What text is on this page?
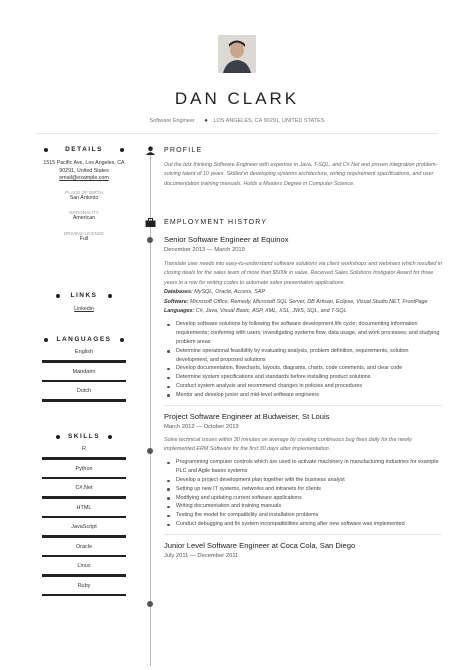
DAN CLARK
Software Engineer ● LOS ANGELES, CA 90291, UNITED STATES
DETAILS
1515 Pacific Ave, Los Angeles, CA
90291, United States
email@example.com
PLACE OF BIRTH
San Antonio
NATIONALITY
American
DRIVING LICENSE
Full
LINKS
Linkedin
LANGUAGES
English
Mandarin
Dutch
SKILLS
R
Python
C#.Net
HTML
JavaScript
Oracle
Linux
Ruby
PROFILE
Out the box thinking Software Engineer with expertise in Java, T-SQL, and C#.Net and proven integration problem-solving talent of 10 years. Skilled in developing systems architecture, writing requirement specifications, and user documentation training manuals. Holds a Masters Degree in Computer Science.
EMPLOYMENT HISTORY
Senior Software Engineer at Equinox
December 2013 — March 2019
Translate user needs into easy-to-understand software solutions via client workshops and webinars which resulted in closing deals for the sales team of more than $500k in value. Received Sales Solutions Instigator Award for three years in a row for writing codes to automate sales presentation applications.
Databases: MySQL, Oracle, Access, SAP
Software: Microsoft Office, Remedy, Microsoft SQL Server, DB Artisan, Eclipse, Visual Studio.NET, FrontPage
Languages: C#, Java, Visual Basic, ASP, XML, XSL, JWS, SQL, and T-SQL
Develop software solutions by following the software development life cycle; documenting information requirements; conferring with users; investigating systems flow, data usage, and work processes; and studying problem areas
Determine operational feasibility by evaluating analysis, problem definition, requirements, solution development, and proposed solutions
Develop documentation, flowcharts, layouts, diagrams, charts, code comments, and clear code
Determine system specifications and standards before installing product solutions
Conduct system analysis and recommend changes in policies and procedures
Mentor and develop junior and mid-level software engineers
Project Software Engineer at Budweiser, St Louis
March 2012 — October 2013
Solve technical issues within 30 minutes on average by creating continuous bug fixes daily for the newly implemented ERM Software for the first 30 days after implementation.
Programming computer controls which are used to activate machinery in manufacturing industries for example PLC and Agile bases systems
Develop a project development plan together with the business analyst
Setting up new IT systems, networks and intranets for clients
Modifying and updating current software applications
Writing documentation and training manuals
Testing the model for compatibility and installation problems
Conduct debugging and fix system incompatibilities arising after new software was implemented
Junior Level Software Engineer at Coca Cola, San Diego
July 2011 — December 2011
